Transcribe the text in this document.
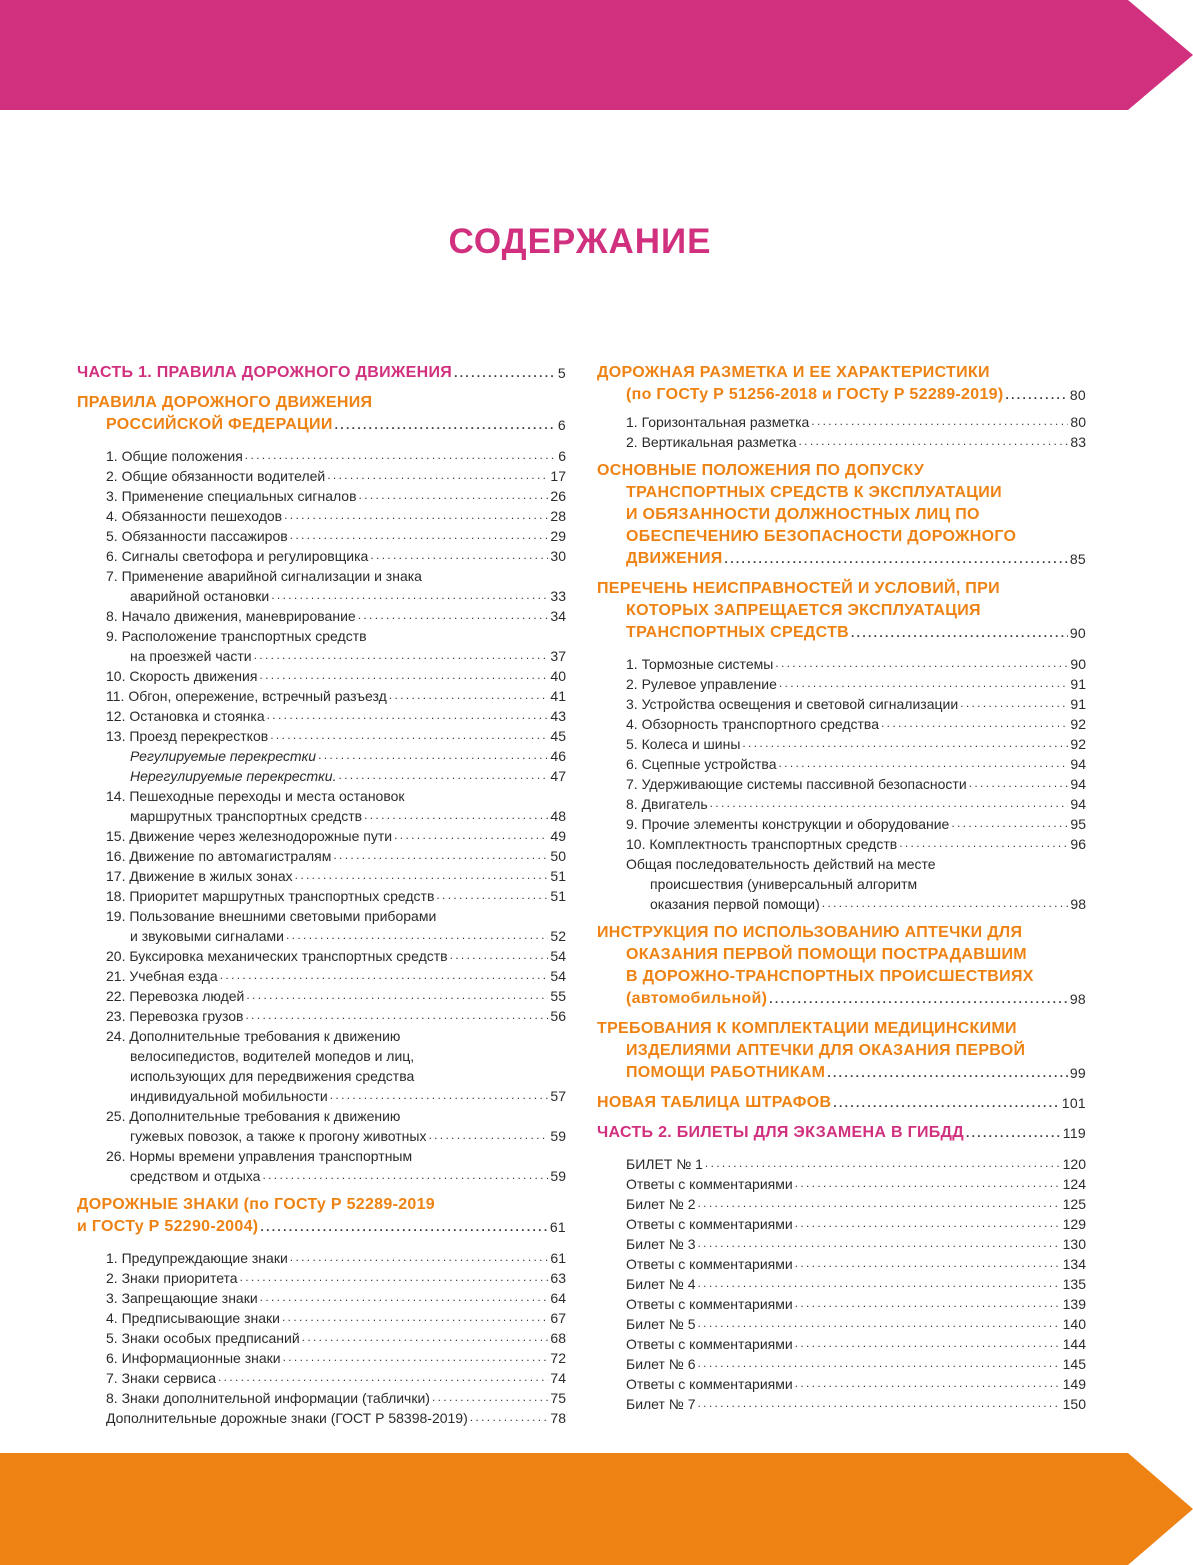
СОДЕРЖАНИЕ
ЧАСТЬ 1. ПРАВИЛА ДОРОЖНОГО ДВИЖЕНИЯ . . .	5
ПРАВИЛА ДОРОЖНОГО ДВИЖЕНИЯ
РОССИЙСКОЙ ФЕДЕРАЦИИ . . .	6
1. Общие положения . . .	6
2. Общие обязанности водителей . . .	17
3. Применение специальных сигналов . . .	26
4. Обязанности пешеходов . . .	28
5. Обязанности пассажиров . . .	29
6. Сигналы светофора и регулировщика . . .	30
7. Применение аварийной сигнализации и знака
аварийной остановки . . .	33
8. Начало движения, маневрирование . . .	34
9. Расположение транспортных средств
на проезжей части . . .	37
10. Скорость движения . . .	40
11. Обгон, опережение, встречный разъезд . . .	41
12. Остановка и стоянка . . .	43
13. Проезд перекрестков . . .	45
Регулируемые перекрестки . . .	46
Нерегулируемые перекрестки. . . .	47
14. Пешеходные переходы и места остановок
маршрутных транспортных средств . . .	48
15. Движение через железнодорожные пути . . .	49
16. Движение по автомагистралям . . .	50
17. Движение в жилых зонах . . .	51
18. Приоритет маршрутных транспортных средств . . .	51
19. Пользование внешними световыми приборами
и звуковыми сигналами . . .	52
20. Буксировка механических транспортных средств . . .	54
21. Учебная езда . . .	54
22. Перевозка людей . . .	55
23. Перевозка грузов . . .	56
24. Дополнительные требования к движению
велосипедистов, водителей мопедов и лиц,
использующих для передвижения средства
индивидуальной мобильности . . .	57
25. Дополнительные требования к движению
гужевых повозок, а также к прогону животных . . .	59
26. Нормы времени управления транспортным
средством и отдыха . . .	59
ДОРОЖНЫЕ ЗНАКИ (по ГОСТу Р 52289-2019
и ГОСТу Р 52290-2004) . . .	61
1. Предупреждающие знаки . . .	61
2. Знаки приоритета . . .	63
3. Запрещающие знаки . . .	64
4. Предписывающие знаки . . .	67
5. Знаки особых предписаний . . .	68
6. Информационные знаки . . .	72
7. Знаки сервиса . . .	74
8. Знаки дополнительной информации (таблички) . . .	75
Дополнительные дорожные знаки (ГОСТ Р 58398-2019) . . .	78
ДОРОЖНАЯ РАЗМЕТКА И ЕЕ ХАРАКТЕРИСТИКИ
(по ГОСТу Р 51256-2018 и ГОСТу Р 52289-2019) . . .	80
1. Горизонтальная разметка . . .	80
2. Вертикальная разметка . . .	83
ОСНОВНЫЕ ПОЛОЖЕНИЯ ПО ДОПУСКУ
ТРАНСПОРТНЫХ СРЕДСТВ К ЭКСПЛУАТАЦИИ
И ОБЯЗАННОСТИ ДОЛЖНОСТНЫХ ЛИЦ ПО
ОБЕСПЕЧЕНИЮ БЕЗОПАСНОСТИ ДОРОЖНОГО
ДВИЖЕНИЯ . . .	85
ПЕРЕЧЕНЬ НЕИСПРАВНОСТЕЙ И УСЛОВИЙ, ПРИ
КОТОРЫХ ЗАПРЕЩАЕТСЯ ЭКСПЛУАТАЦИЯ
ТРАНСПОРТНЫХ СРЕДСТВ . . .	90
1. Тормозные системы . . .	90
2. Рулевое управление . . .	91
3. Устройства освещения и световой сигнализации . . .	91
4. Обзорность транспортного средства . . .	92
5. Колеса и шины . . .	92
6. Сцепные устройства . . .	94
7. Удерживающие системы пассивной безопасности . . .	94
8. Двигатель . . .	94
9. Прочие элементы конструкции и оборудование . . .	95
10. Комплектность транспортных средств . . .	96
Общая последовательность действий на месте
происшествия (универсальный алгоритм
оказания первой помощи) . . .	98
ИНСТРУКЦИЯ ПО ИСПОЛЬЗОВАНИЮ АПТЕЧКИ ДЛЯ
ОКАЗАНИЯ ПЕРВОЙ ПОМОЩИ ПОСТРАДАВШИМ
В ДОРОЖНО-ТРАНСПОРТНЫХ ПРОИСШЕСТВИЯХ
(автомобильной) . . .	98
ТРЕБОВАНИЯ К КОМПЛЕКТАЦИИ МЕДИЦИНСКИМИ
ИЗДЕЛИЯМИ АПТЕЧКИ ДЛЯ ОКАЗАНИЯ ПЕРВОЙ
ПОМОЩИ РАБОТНИКАМ . . .	99
НОВАЯ ТАБЛИЦА ШТРАФОВ . . .	101
ЧАСТЬ 2. БИЛЕТЫ ДЛЯ ЭКЗАМЕНА В ГИБДД . . .	119
БИЛЕТ № 1 . . .	120
Ответы с комментариями . . .	124
Билет № 2 . . .	125
Ответы с комментариями . . .	129
Билет № 3 . . .	130
Ответы с комментариями . . .	134
Билет № 4 . . .	135
Ответы с комментариями . . .	139
Билет № 5 . . .	140
Ответы с комментариями . . .	144
Билет № 6 . . .	145
Ответы с комментариями . . .	149
Билет № 7 . . .	150
